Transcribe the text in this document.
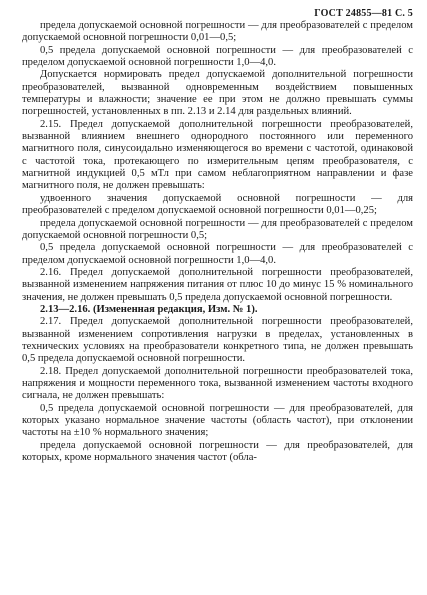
ГОСТ 24855—81 С. 5

предела допускаемой основной погрешности — для преобразователей с пределом допускаемой основной погрешности 0,01—0,5;

0,5 предела допускаемой основной погрешности — для преобразователей с пределом допускаемой основной погрешности 1,0—4,0.

Допускается нормировать предел допускаемой дополнительной погрешности преобразователей, вызванной одновременным воздействием повышенных температуры и влажности; значение ее при этом не должно превышать суммы погрешностей, установленных в пп. 2.13 и 2.14 для раздельных влияний.

2.15. Предел допускаемой дополнительной погрешности преобразователей, вызванной влиянием внешнего однородного постоянного или переменного магнитного поля, синусоидально изменяющегося во времени с частотой, одинаковой с частотой тока, протекающего по измерительным цепям преобразователя, с магнитной индукцией 0,5 мТл при самом неблагоприятном направлении и фазе магнитного поля, не должен превышать:

удвоенного значения допускаемой основной погрешности — для преобразователей с пределом допускаемой основной погрешности 0,01—0,25;

предела допускаемой основной погрешности — для преобразователей с пределом допускаемой основной погрешности 0,5;

0,5 предела допускаемой основной погрешности — для преобразователей с пределом допускаемой основной погрешности 1,0—4,0.

2.16. Предел допускаемой дополнительной погрешности преобразователей, вызванной изменением напряжения питания от плюс 10 до минус 15 % номинального значения, не должен превышать 0,5 предела допускаемой основной погрешности.

2.13—2.16. (Измененная редакция, Изм. № 1).

2.17. Предел допускаемой дополнительной погрешности преобразователей, вызванной изменением сопротивления нагрузки в пределах, установленных в технических условиях на преобразователи конкретного типа, не должен превышать 0,5 предела допускаемой основной погрешности.

2.18. Предел допускаемой дополнительной погрешности преобразователей тока, напряжения и мощности переменного тока, вызванной изменением частоты входного сигнала, не должен превышать:

0,5 предела допускаемой основной погрешности — для преобразователей, для которых указано нормальное значение частоты (область частот), при отклонении частоты на ±10 % нормального значения;

предела допускаемой основной погрешности — для преобразователей, для которых, кроме нормального значения частот (обла-
